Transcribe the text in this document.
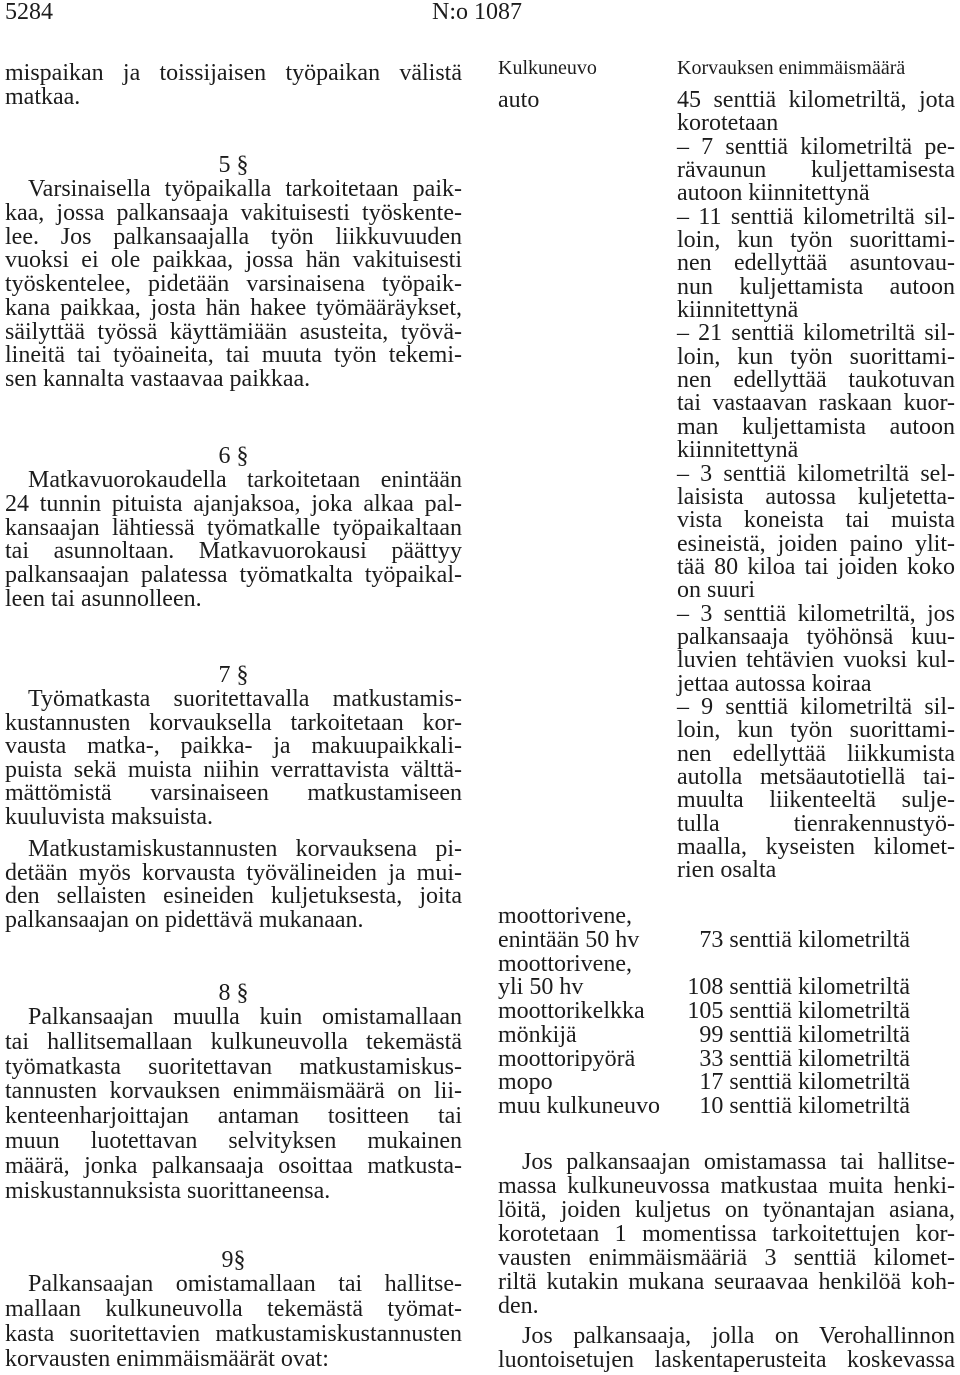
5284	N:o 1087
mispaikan ja toissijaisen työpaikan välistä
matkaa.
5 §
Varsinaisella työpaikalla tarkoitetaan paik-
kaa, jossa palkansaaja vakituisesti työskente-
lee. Jos palkansaajalla työn liikkuvuuden
vuoksi ei ole paikkaa, jossa hän vakituisesti
työskentelee, pidetään varsinaisena työpaik-
kana paikkaa, josta hän hakee työmääräykset,
säilyttää työssä käyttämiään asusteita, työvä-
lineitä tai työaineita, tai muuta työn tekemi-
sen kannalta vastaavaa paikkaa.
6 §
Matkavuorokaudella tarkoitetaan enintään
24 tunnin pituista ajanjaksoa, joka alkaa pal-
kansaajan lähtiessä työmatkalle työpaikaltaan
tai asunnoltaan. Matkavuorokausi päättyy
palkansaajan palatessa työmatkalta työpaikal-
leen tai asunnolleen.
7 §
Työmatkasta suoritettavalla matkustamis-
kustannusten korvauksella tarkoitetaan kor-
vausta matka-, paikka- ja makuupaikkali-
puista sekä muista niihin verrattavista välttä-
mättömistä varsinaiseen matkustamiseen
kuuluvista maksuista.
Matkustamiskustannusten korvauksena pi-
detään myös korvausta työvälineiden ja mui-
den sellaisten esineiden kuljetuksesta, joita
palkansaajan on pidettävä mukanaan.
8 §
Palkansaajan muulla kuin omistamallaan
tai hallitsemallaan kulkuneuvolla tekemästä
työmatkasta suoritettavan matkustamiskus-
tannusten korvauksen enimmäismäärä on lii-
kenteenharjoittajan antaman tositteen tai
muun luotettavan selvityksen mukainen
määrä, jonka palkansaaja osoittaa matkusta-
miskustannuksista suorittaneensa.
9§
Palkansaajan omistamallaan tai hallitse-
mallaan kulkuneuvolla tekemästä työmat-
kasta suoritettavien matkustamiskustannusten
korvausten enimmäismäärät ovat:
Kulkuneuvo	Korvauksen enimmäismäärä
auto	45 senttiä kilometriltä, jota
korotetaan
– 7 senttiä kilometriltä pe-
rävaunun kuljettamisesta
autoon kiinnitettynä
– 11 senttiä kilometriltä sil-
loin, kun työn suorittami-
nen edellyttää asuntovau-
nun kuljettamista autoon
kiinnitettynä
– 21 senttiä kilometriltä sil-
loin, kun työn suorittami-
nen edellyttää taukotuvan
tai vastaavan raskaan kuor-
man kuljettamista autoon
kiinnitettynä
– 3 senttiä kilometriltä sel-
laisista autossa kuljetetta-
vista koneista tai muista
esineistä, joiden paino ylit-
tää 80 kiloa tai joiden koko
on suuri
– 3 senttiä kilometriltä, jos
palkansaaja työhönsä kuu-
luvien tehtävien vuoksi kul-
jettaa autossa koiraa
– 9 senttiä kilometriltä sil-
loin, kun työn suorittami-
nen edellyttää liikkumista
autolla metsäautotiellä tai-
muulta liikenteeltä sulje-
tulla tienrakennustyö-
maalla, kyseisten kilomet-
rien osalta
moottorivene,
enintään 50 hv	73 senttiä kilometriltä
moottorivene,
yli 50 hv	108 senttiä kilometriltä
moottorikelkka	105 senttiä kilometriltä
mönkijä	99 senttiä kilometriltä
moottoripyörä	33 senttiä kilometriltä
mopo	17 senttiä kilometriltä
muu kulkuneuvo	10 senttiä kilometriltä
Jos palkansaajan omistamassa tai hallitse-
massa kulkuneuvossa matkustaa muita henki-
löitä, joiden kuljetus on työnantajan asiana,
korotetaan 1 momentissa tarkoitettujen kor-
vausten enimmäismääriä 3 senttiä kilomet-
riltä kutakin mukana seuraavaa henkilöä koh-
den.
Jos palkansaaja, jolla on Verohallinnon
luontoisetujen laskentaperusteita koskevassa
